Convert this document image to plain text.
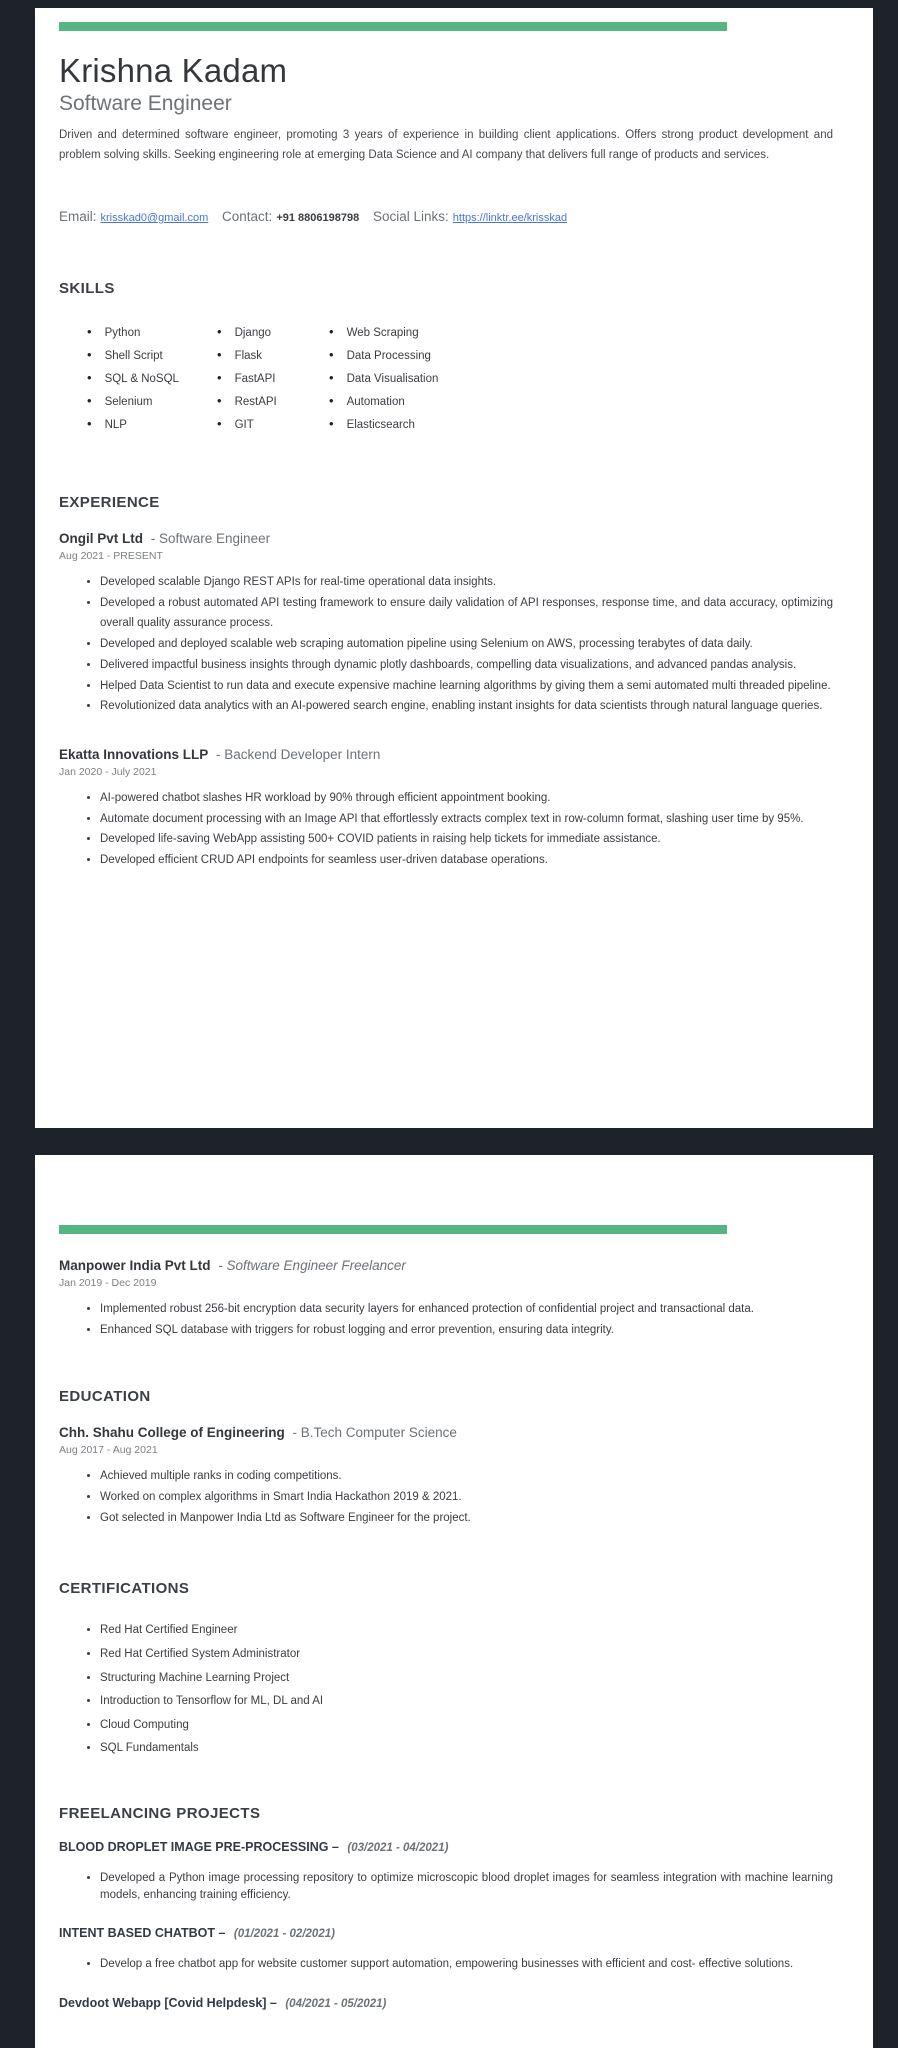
Krishna Kadam
Software Engineer

Driven and determined software engineer, promoting 3 years of experience in building client applications. Offers strong product development and problem solving skills. Seeking engineering role at emerging Data Science and AI company that delivers full range of products and services.

Email: krisskad0@gmail.com Contact: +91 8806198798 Social Links: https://linktr.ee/krisskad
SKILLS
• Python	• Django	• Web Scraping
• Shell Script	• Flask	• Data Processing
• SQL & NoSQL	• FastAPI	• Data Visualisation
• Selenium	• RestAPI	• Automation
• NLP	• GIT	• Elasticsearch
EXPERIENCE
Ongil Pvt Ltd - Software Engineer
Aug 2021 - PRESENT
• Developed scalable Django REST APIs for real-time operational data insights.
• Developed a robust automated API testing framework to ensure daily validation of API responses, response time, and data accuracy, optimizing overall quality assurance process.
• Developed and deployed scalable web scraping automation pipeline using Selenium on AWS, processing terabytes of data daily.
• Delivered impactful business insights through dynamic plotly dashboards, compelling data visualizations, and advanced pandas analysis.
• Helped Data Scientist to run data and execute expensive machine learning algorithms by giving them a semi automated multi threaded pipeline.
• Revolutionized data analytics with an AI-powered search engine, enabling instant insights for data scientists through natural language queries.
Ekatta Innovations LLP - Backend Developer Intern
Jan 2020 - July 2021
• AI-powered chatbot slashes HR workload by 90% through efficient appointment booking.
• Automate document processing with an Image API that effortlessly extracts complex text in row-column format, slashing user time by 95%.
• Developed life-saving WebApp assisting 500+ COVID patients in raising help tickets for immediate assistance.
• Developed efficient CRUD API endpoints for seamless user-driven database operations.
Manpower India Pvt Ltd - Software Engineer Freelancer
Jan 2019 - Dec 2019
• Implemented robust 256-bit encryption data security layers for enhanced protection of confidential project and transactional data.
• Enhanced SQL database with triggers for robust logging and error prevention, ensuring data integrity.
EDUCATION
Chh. Shahu College of Engineering - B.Tech Computer Science
Aug 2017 - Aug 2021
• Achieved multiple ranks in coding competitions.
• Worked on complex algorithms in Smart India Hackathon 2019 & 2021.
• Got selected in Manpower India Ltd as Software Engineer for the project.
CERTIFICATIONS
• Red Hat Certified Engineer
• Red Hat Certified System Administrator
• Structuring Machine Learning Project
• Introduction to Tensorflow for ML, DL and AI
• Cloud Computing
• SQL Fundamentals
FREELANCING PROJECTS
BLOOD DROPLET IMAGE PRE-PROCESSING – (03/2021 - 04/2021)
• Developed a Python image processing repository to optimize microscopic blood droplet images for seamless integration with machine learning models, enhancing training efficiency.
INTENT BASED CHATBOT – (01/2021 - 02/2021)
• Develop a free chatbot app for website customer support automation, empowering businesses with efficient and cost- effective solutions.
Devdoot Webapp [Covid Helpdesk] – (04/2021 - 05/2021)
